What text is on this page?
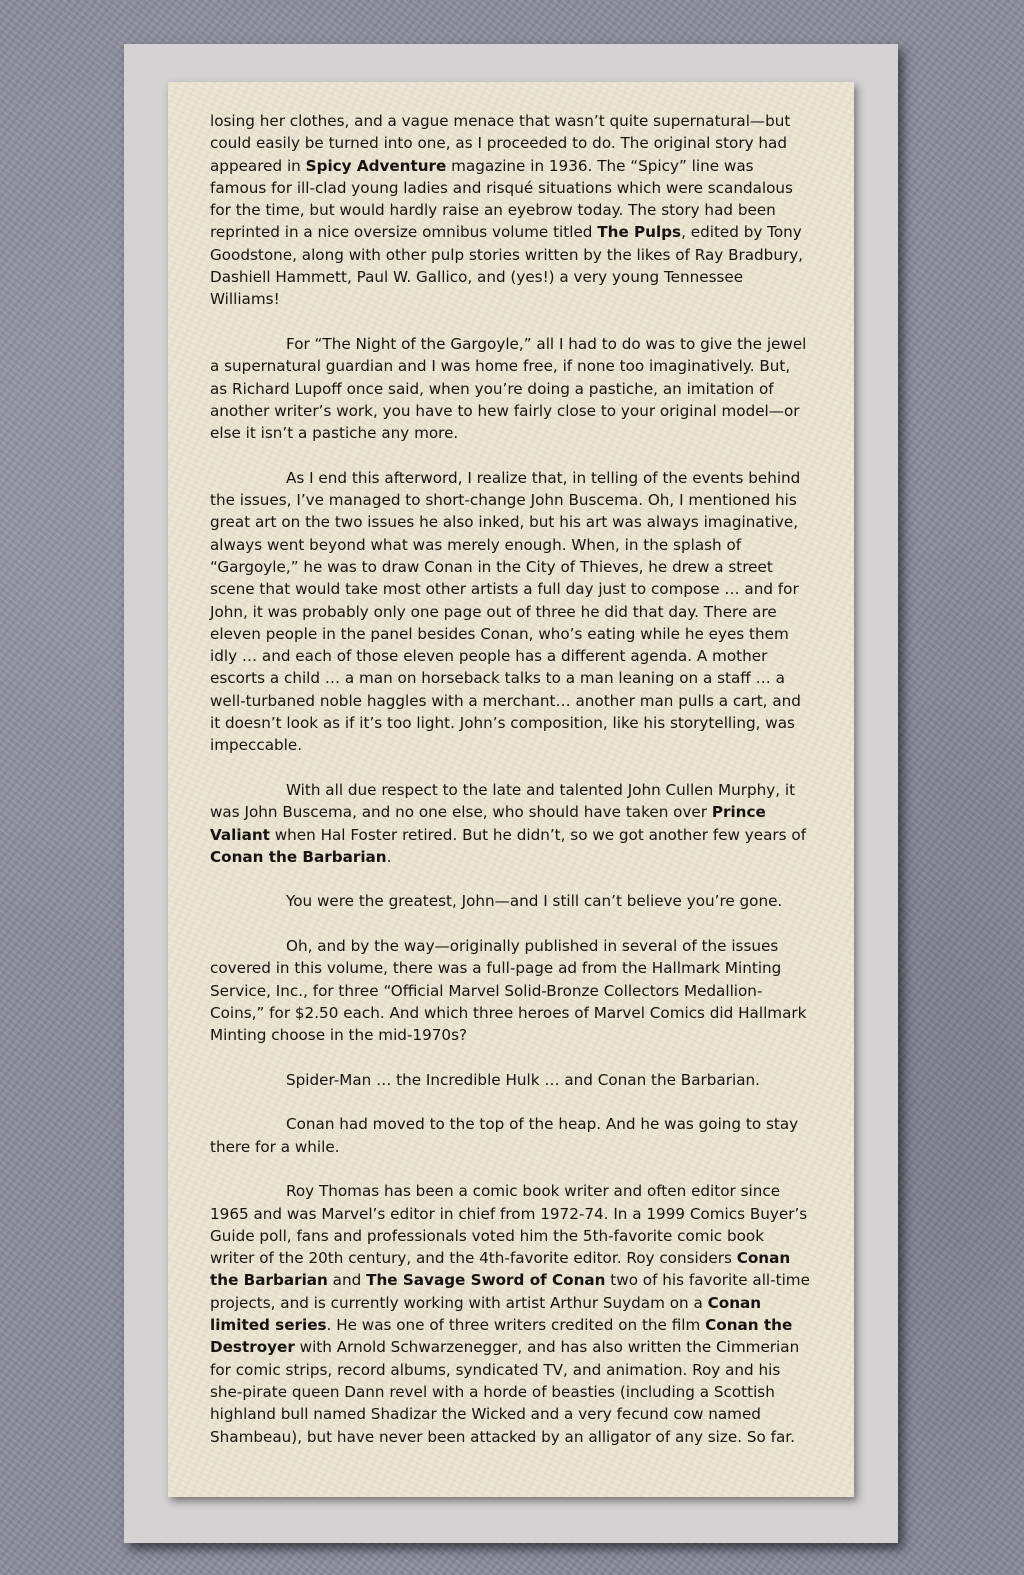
losing her clothes, and a vague menace that wasn’t quite supernatural—but could easily be turned into one, as I proceeded to do. The original story had appeared in Spicy Adventure magazine in 1936. The “Spicy” line was famous for ill-clad young ladies and risqué situations which were scandalous for the time, but would hardly raise an eyebrow today. The story had been reprinted in a nice oversize omnibus volume titled The Pulps, edited by Tony Goodstone, along with other pulp stories written by the likes of Ray Bradbury, Dashiell Hammett, Paul W. Gallico, and (yes!) a very young Tennessee Williams!

For “The Night of the Gargoyle,” all I had to do was to give the jewel a supernatural guardian and I was home free, if none too imaginatively. But, as Richard Lupoff once said, when you’re doing a pastiche, an imitation of another writer’s work, you have to hew fairly close to your original model—or else it isn’t a pastiche any more.

As I end this afterword, I realize that, in telling of the events behind the issues, I’ve managed to short-change John Buscema. Oh, I mentioned his great art on the two issues he also inked, but his art was always imaginative, always went beyond what was merely enough. When, in the splash of “Gargoyle,” he was to draw Conan in the City of Thieves, he drew a street scene that would take most other artists a full day just to compose … and for John, it was probably only one page out of three he did that day. There are eleven people in the panel besides Conan, who’s eating while he eyes them idly … and each of those eleven people has a different agenda. A mother escorts a child … a man on horseback talks to a man leaning on a staff … a well-turbaned noble haggles with a merchant… another man pulls a cart, and it doesn’t look as if it’s too light. John’s composition, like his storytelling, was impeccable.

With all due respect to the late and talented John Cullen Murphy, it was John Buscema, and no one else, who should have taken over Prince Valiant when Hal Foster retired. But he didn’t, so we got another few years of Conan the Barbarian.

You were the greatest, John—and I still can’t believe you’re gone.

Oh, and by the way—originally published in several of the issues covered in this volume, there was a full-page ad from the Hallmark Minting Service, Inc., for three “Official Marvel Solid-Bronze Collectors Medallion-Coins,” for $2.50 each. And which three heroes of Marvel Comics did Hallmark Minting choose in the mid-1970s?

Spider-Man … the Incredible Hulk … and Conan the Barbarian.

Conan had moved to the top of the heap. And he was going to stay there for a while.

Roy Thomas has been a comic book writer and often editor since 1965 and was Marvel’s editor in chief from 1972-74. In a 1999 Comics Buyer’s Guide poll, fans and professionals voted him the 5th-favorite comic book writer of the 20th century, and the 4th-favorite editor. Roy considers Conan the Barbarian and The Savage Sword of Conan two of his favorite all-time projects, and is currently working with artist Arthur Suydam on a Conan limited series. He was one of three writers credited on the film Conan the Destroyer with Arnold Schwarzenegger, and has also written the Cimmerian for comic strips, record albums, syndicated TV, and animation. Roy and his she-pirate queen Dann revel with a horde of beasties (including a Scottish highland bull named Shadizar the Wicked and a very fecund cow named Shambeau), but have never been attacked by an alligator of any size. So far.
